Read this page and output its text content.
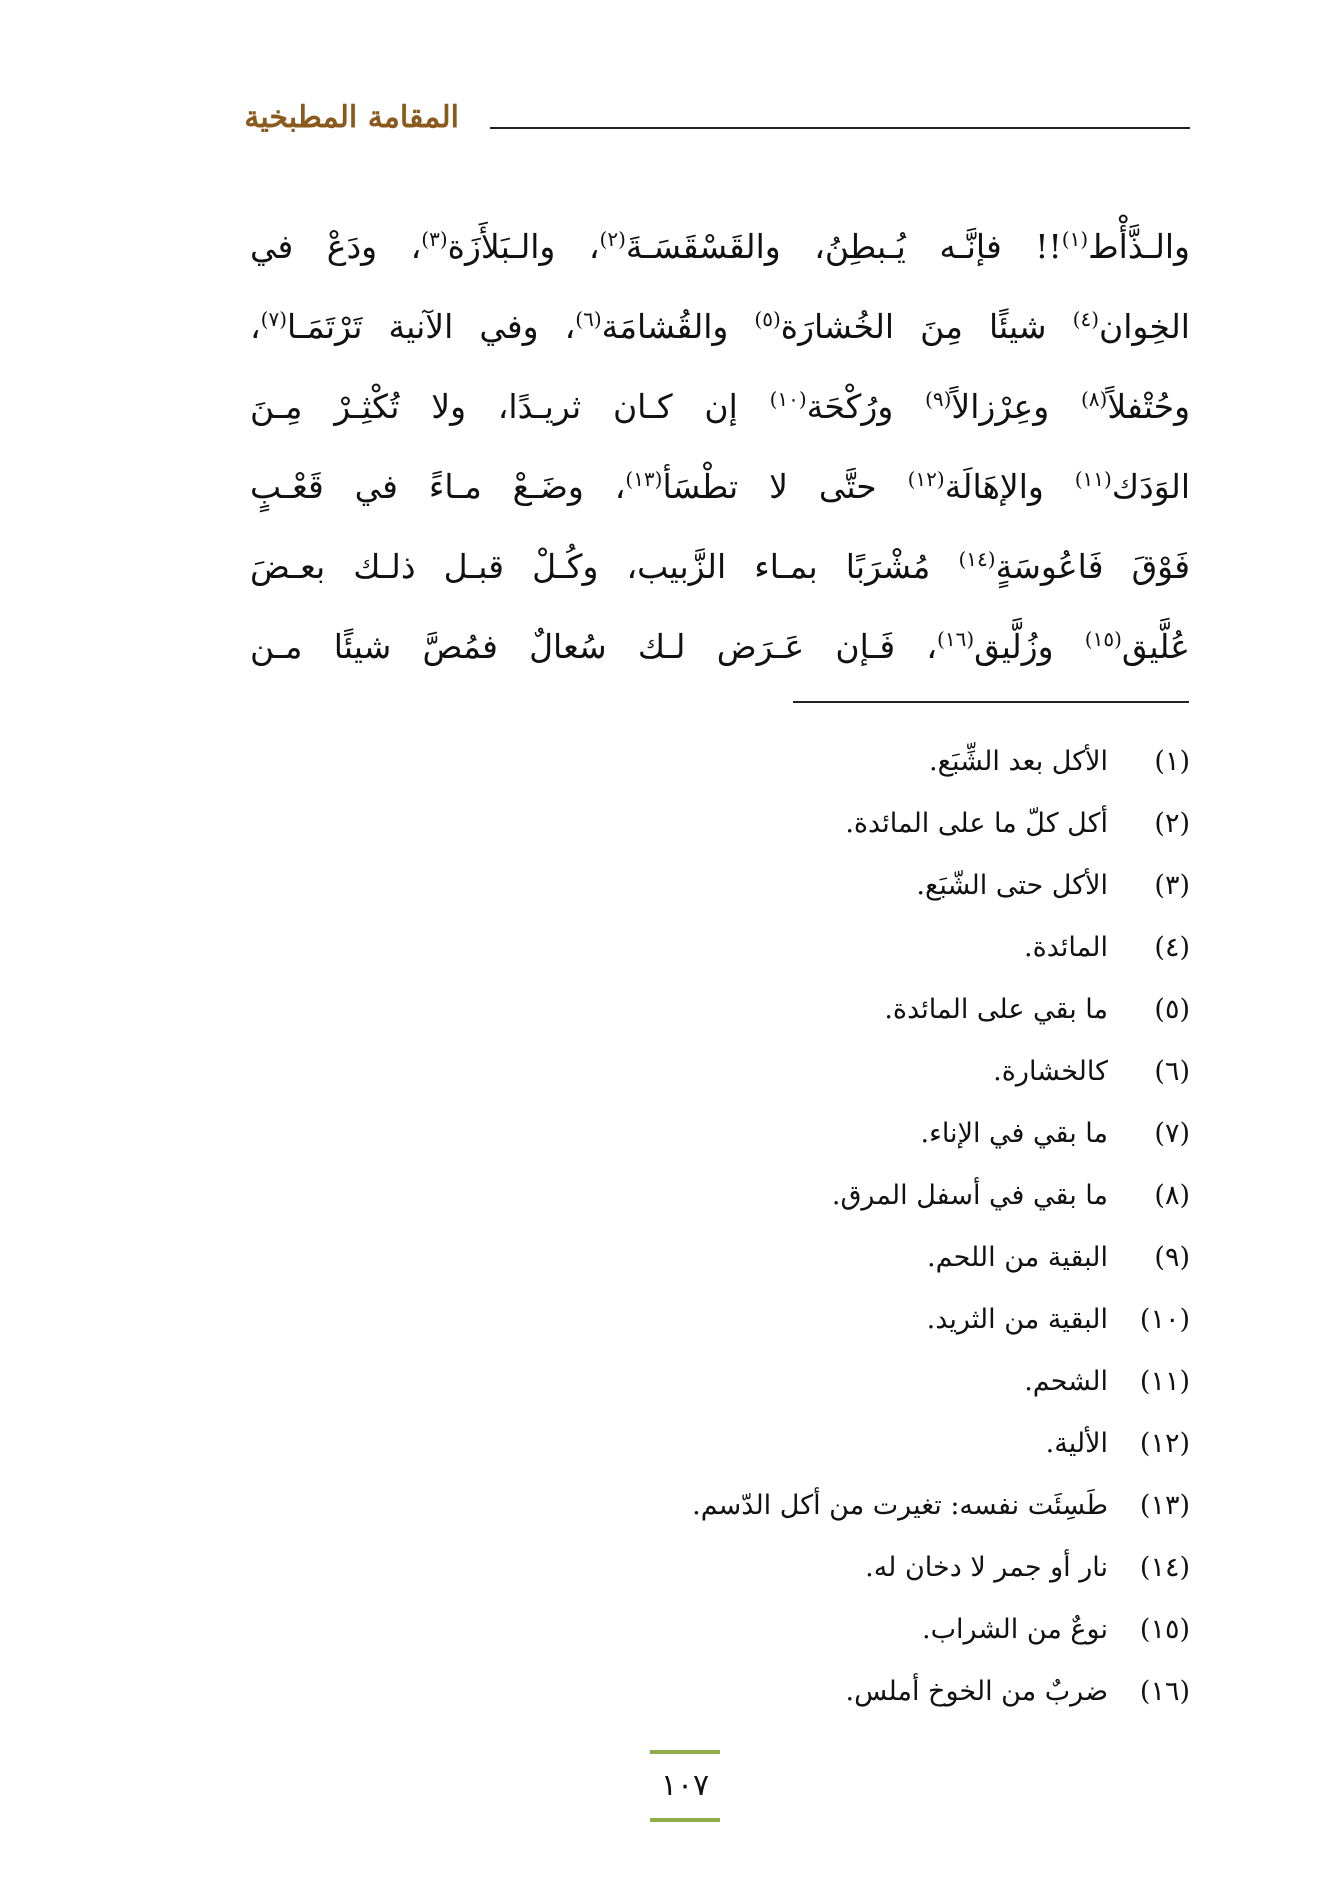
المقامة المطبخية
والـذَّأْط$^{(١)}$!! فإنَّـه يُـبطِنُ، والقَسْقَسَـةَ$^{(٢)}$، والـبَلأَزَة$^{(٣)}$، ودَعْ في
الخِوان$^{(٤)}$ شيئًا مِنَ الخُشارَة$^{(٥)}$ والقُشامَة$^{(٦)}$، وفي الآنية تَرْتَمَـا$^{(٧)}$،
وحُتْفلاً$^{(٨)}$ وعِرْزالاً$^{(٩)}$ ورُكْحَة$^{(١٠)}$ إن كـان ثريـدًا، ولا تُكْثِـرْ مِـنَ
الوَدَك$^{(١١)}$ والإهَالَة$^{(١٢)}$ حتَّى لا تطْسَأ$^{(١٣)}$، وضَـعْ مـاءً في قَعْـبٍ
فَوْقَ فَاعُوسَةٍ$^{(١٤)}$ مُشْرَبًا بمـاء الزَّبيب، وكُـلْ قبـل ذلـك بعـضَ
عُلَّيق$^{(١٥)}$ وزُلَّيق$^{(١٦)}$، فَـإن عَـرَض لـك سُعالٌ فمُصَّ شيئًا مـن
(١)
الأكل بعد الشِّبَع.
(٢)
أكل كلّ ما على المائدة.
(٣)
الأكل حتى الشّبَع.
(٤)
المائدة.
(٥)
ما بقي على المائدة.
(٦)
كالخشارة.
(٧)
ما بقي في الإناء.
(٨)
ما بقي في أسفل المرق.
(٩)
البقية من اللحم.
(١٠)
البقية من الثريد.
(١١)
الشحم.
(١٢)
الألية.
(١٣)
طَسِئَت نفسه: تغيرت من أكل الدّسم.
(١٤)
نار أو جمر لا دخان له.
(١٥)
نوعٌ من الشراب.
(١٦)
ضربٌ من الخوخ أملس.
١٠٧
